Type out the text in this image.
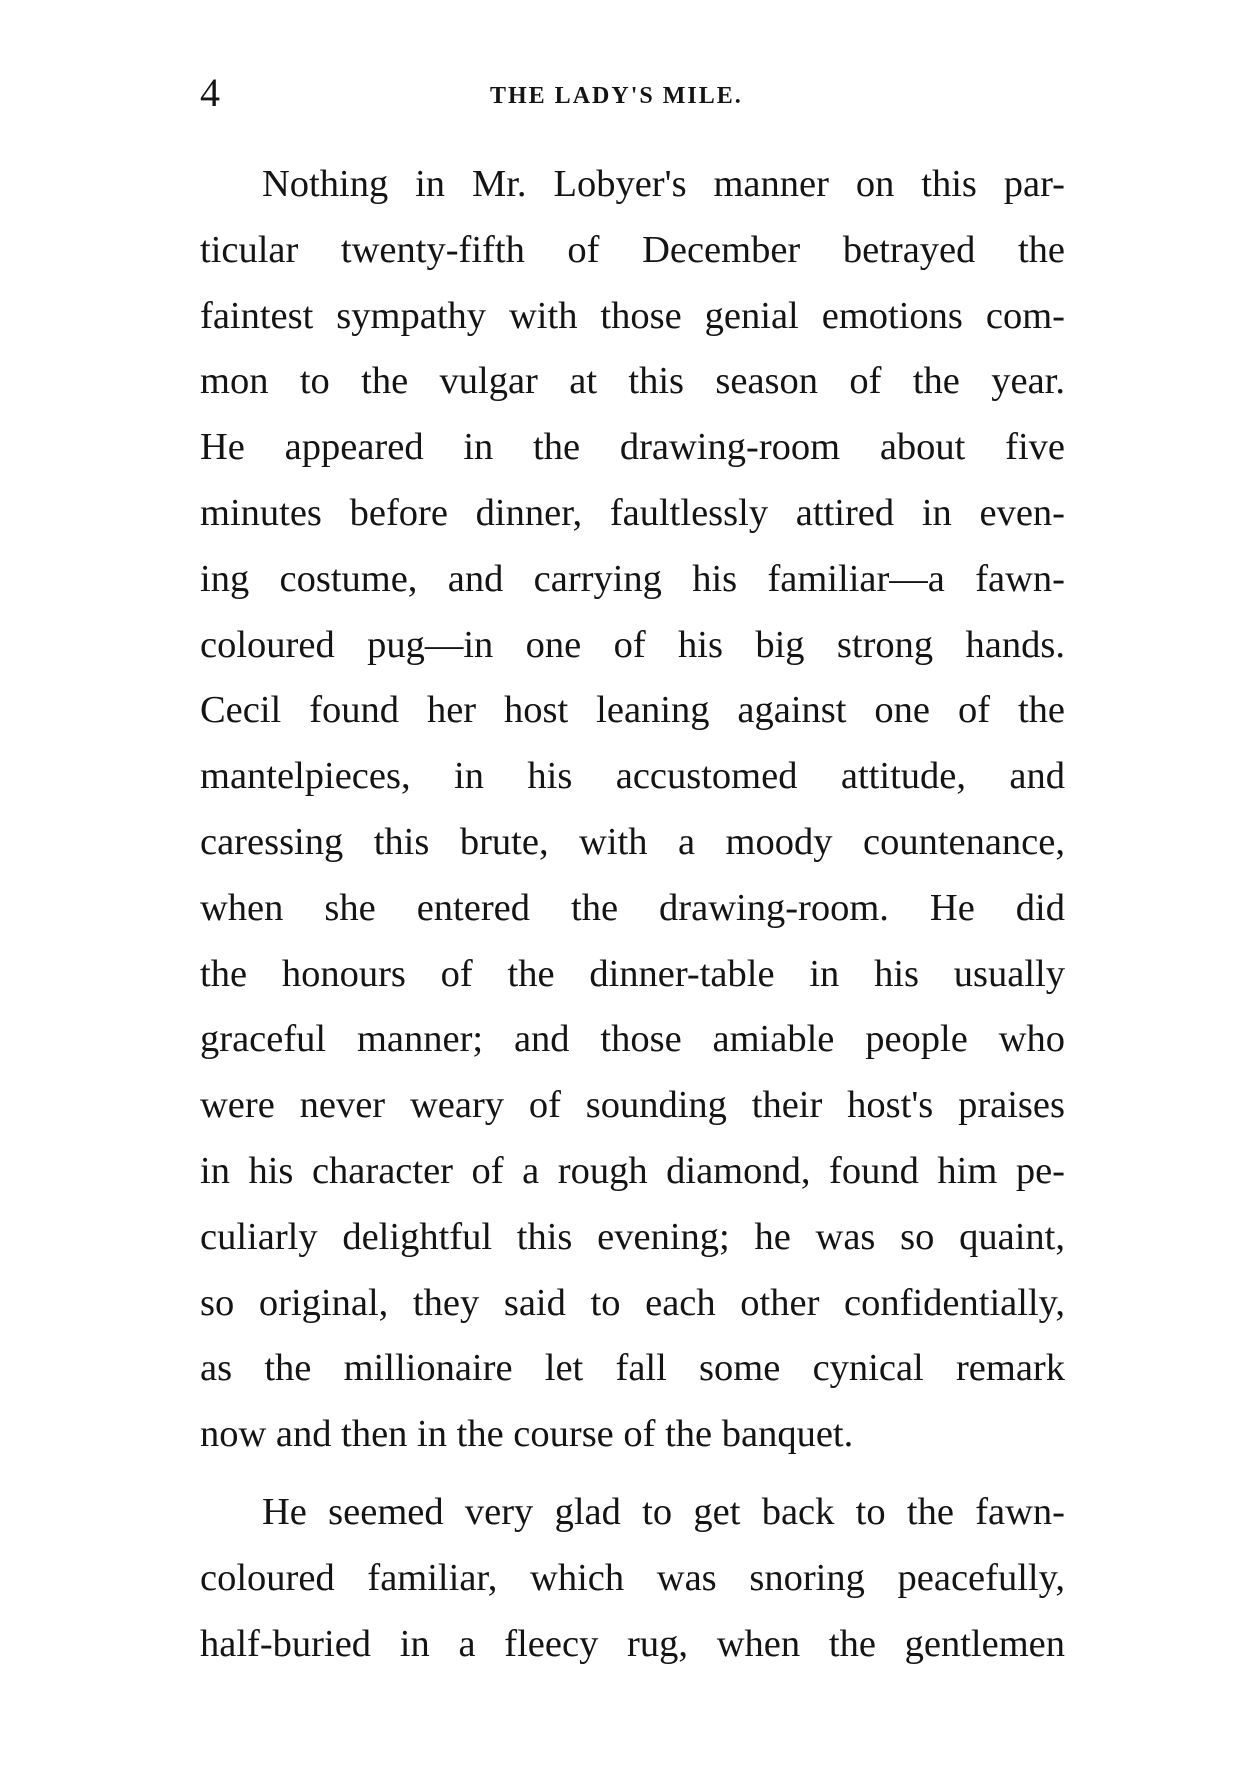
4	THE LADY'S MILE.
Nothing in Mr. Lobyer's manner on this par-
ticular twenty-fifth of December betrayed the
faintest sympathy with those genial emotions com-
mon to the vulgar at this season of the year.
He appeared in the drawing-room about five
minutes before dinner, faultlessly attired in even-
ing costume, and carrying his familiar—a fawn-
coloured pug—in one of his big strong hands.
Cecil found her host leaning against one of the
mantelpieces, in his accustomed attitude, and
caressing this brute, with a moody countenance,
when she entered the drawing-room. He did
the honours of the dinner-table in his usually
graceful manner; and those amiable people who
were never weary of sounding their host's praises
in his character of a rough diamond, found him pe-
culiarly delightful this evening; he was so quaint,
so original, they said to each other confidentially,
as the millionaire let fall some cynical remark
now and then in the course of the banquet.
He seemed very glad to get back to the fawn-
coloured familiar, which was snoring peacefully,
half-buried in a fleecy rug, when the gentlemen
